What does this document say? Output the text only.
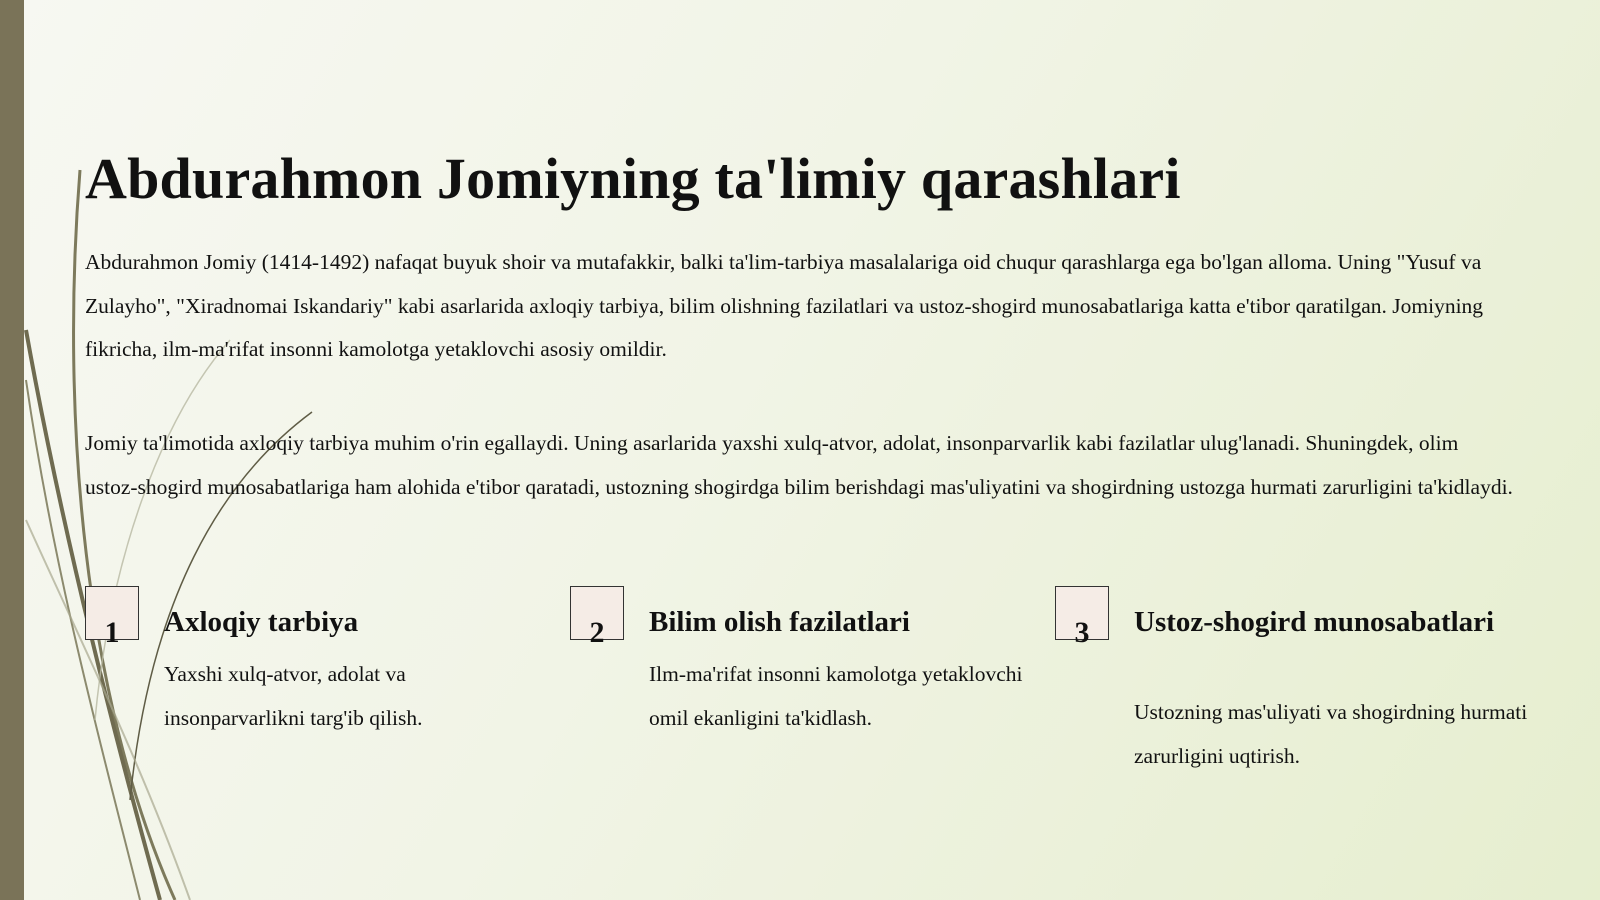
Abdurahmon Jomiyning ta'limiy qarashlari
Abdurahmon Jomiy (1414-1492) nafaqat buyuk shoir va mutafakkir, balki ta'lim-tarbiya masalalariga oid chuqur qarashlarga ega bo'lgan alloma. Uning "Yusuf va Zulayho", "Xiradnomai Iskandariy" kabi asarlarida axloqiy tarbiya, bilim olishning fazilatlari va ustoz-shogird munosabatlariga katta e'tibor qaratilgan. Jomiyning fikricha, ilm-ma'rifat insonni kamolotga yetaklovchi asosiy omildir.
Jomiy ta'limotida axloqiy tarbiya muhim o'rin egallaydi. Uning asarlarida yaxshi xulq-atvor, adolat, insonparvarlik kabi fazilatlar ulug'lanadi. Shuningdek, olim ustoz-shogird munosabatlariga ham alohida e'tibor qaratadi, ustozning shogirdga bilim berishdagi mas'uliyatini va shogirdning ustozga hurmati zarurligini ta'kidlaydi.
1	Axloqiy tarbiya
Yaxshi xulq-atvor, adolat va insonparvarlikni targ'ib qilish.
2	Bilim olish fazilatlari
Ilm-ma'rifat insonni kamolotga yetaklovchi omil ekanligini ta'kidlash.
3	Ustoz-shogird munosabatlari
Ustozning mas'uliyati va shogirdning hurmati zarurligini uqtirish.
